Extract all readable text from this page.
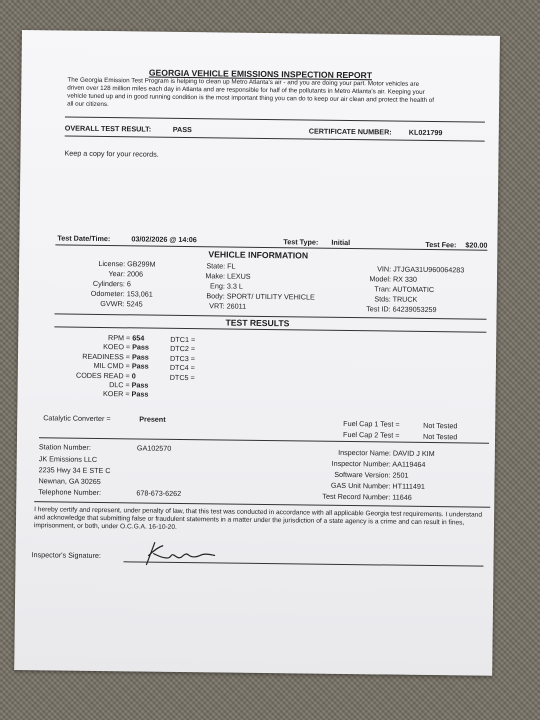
GEORGIA VEHICLE EMISSIONS INSPECTION REPORT
The Georgia Emission Test Program is helping to clean up Metro Atlanta's air - and you are doing your part. Motor vehicles are driven over 128 million miles each day in Atlanta and are responsible for half of the pollutants in Metro Atlanta's air. Keeping your vehicle tuned up and in good running condition is the most important thing you can do to keep our air clean and protect the health of all our citizens.
OVERALL TEST RESULT:	PASS	CERTIFICATE NUMBER: KL021799
Keep a copy for your records.
Test Date/Time:	03/02/2026 @ 14:06	Test Type: Initial	Test Fee: $20.00
VEHICLE INFORMATION
License: GB299M
Year: 2006
Cylinders: 6
Odometer: 153,061
GVWR: 5245
State: FL
Make: LEXUS
Eng: 3.3 L
Body: SPORT/ UTILITY VEHICLE
VRT: 26011
VIN: JTJGA31U960064283
Model: RX 330
Tran: AUTOMATIC
Stds: TRUCK
Test ID: 64239053259
TEST RESULTS
RPM = 654
KOEO = Pass
READINESS = Pass
MIL CMD = Pass
CODES READ = 0
DLC = Pass
KOER = Pass
DTC1 =
DTC2 =
DTC3 =
DTC4 =
DTC5 =
Catalytic Converter =	Present	Fuel Cap 1 Test =	Not Tested
Fuel Cap 2 Test =	Not Tested
Station Number:	GA102570
JK Emissions LLC
2235 Hwy 34 E STE C
Newnan, GA 30265
Telephone Number:	678-673-6262
Inspector Name: DAVID J KIM
Inspector Number: AA119464
Software Version: 2501
GAS Unit Number: HT111491
Test Record Number: 11646
I hereby certify and represent, under penalty of law, that this test was conducted in accordance with all applicable Georgia test requirements. I understand and acknowledge that submitting false or fraudulent statements in a matter under the jurisdiction of a state agency is a crime and can result in fines, imprisonment, or both, under O.C.G.A. 16-10-20.
Inspector's Signature:
